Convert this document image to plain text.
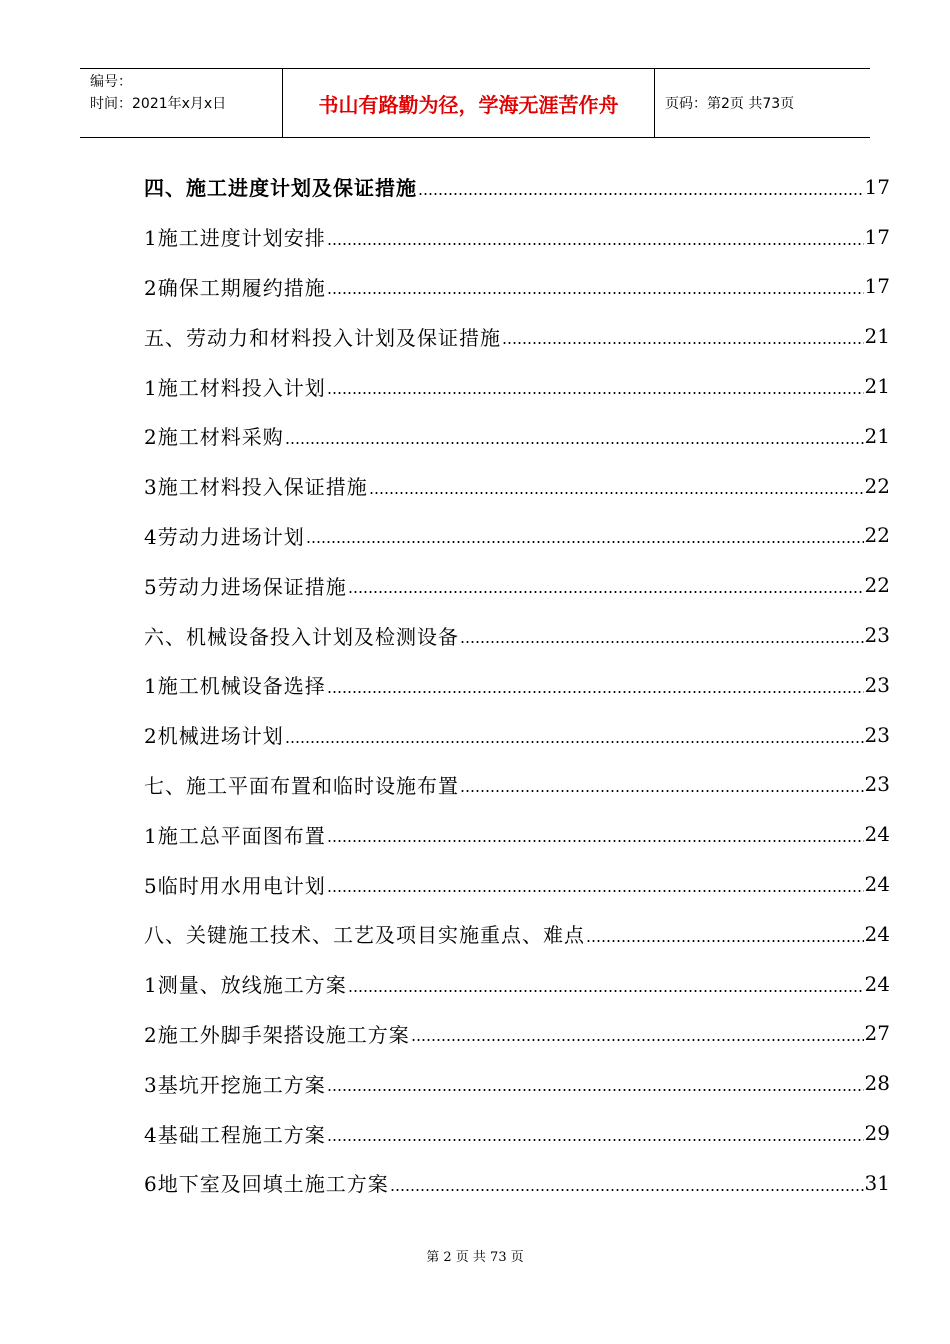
编号：
时间：2021年x月x日	书山有路勤为径，学海无涯苦作舟	页码：第2页 共73页
四、施工进度计划及保证措施	17
1施工进度计划安排	17
2确保工期履约措施	17
五、劳动力和材料投入计划及保证措施	21
1施工材料投入计划	21
2施工材料采购	21
3施工材料投入保证措施	22
4劳动力进场计划	22
5劳动力进场保证措施	22
六、机械设备投入计划及检测设备	23
1施工机械设备选择	23
2机械进场计划	23
七、施工平面布置和临时设施布置	23
1施工总平面图布置	24
5临时用水用电计划	24
八、关键施工技术、工艺及项目实施重点、难点	24
1测量、放线施工方案	24
2施工外脚手架搭设施工方案	27
3基坑开挖施工方案	28
4基础工程施工方案	29
6地下室及回填土施工方案	31
第 2 页 共 73 页
